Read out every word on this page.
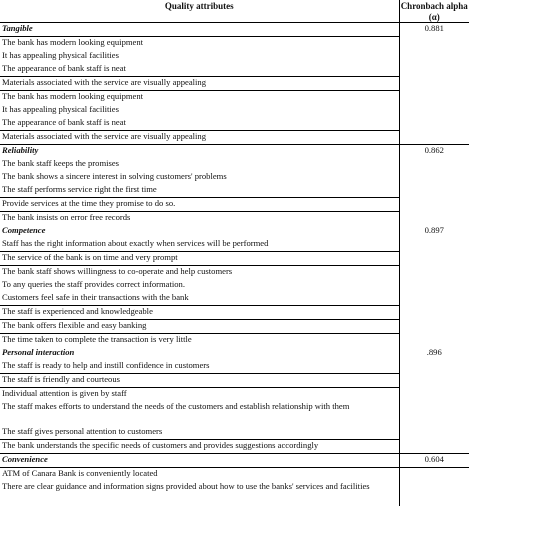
Quality attributes	Chronbach alpha (α)
Tangible	0.881
The bank has modern looking equipment	
It has appealing physical facilities	
The appearance of bank staff is neat	
Materials associated with the service are visually appealing	
The bank has modern looking equipment	
It has appealing physical facilities	
The appearance of bank staff is neat	
Materials associated with the service are visually appealing	
Reliability	0.862
The bank staff keeps the promises	
The bank shows a sincere interest in solving customers' problems	
The staff performs service right the first time	
Provide services at the time they promise to do so.	
The bank insists on error free records	
Competence	0.897
Staff has the right information about exactly when services will be performed	
The service of the bank is on time and very prompt	
The bank staff shows willingness to co-operate and help customers	
To any queries the staff provides correct information.	
Customers feel safe in their transactions with the bank	
The staff is experienced and knowledgeable	
The bank offers flexible and easy banking	
The time taken to complete the transaction is very little	
Personal interaction	.896
The staff is ready to help and instill confidence in customers	
The staff is friendly and courteous	
Individual attention is given by staff	
The staff makes efforts to understand the needs of the customers and establish relationship with them	
The staff gives personal attention to customers	
The bank understands the specific needs of customers and provides suggestions accordingly	
Convenience	0.604
ATM of Canara Bank is conveniently located	
There are clear guidance and information signs provided about how to use the banks' services and facilities	
